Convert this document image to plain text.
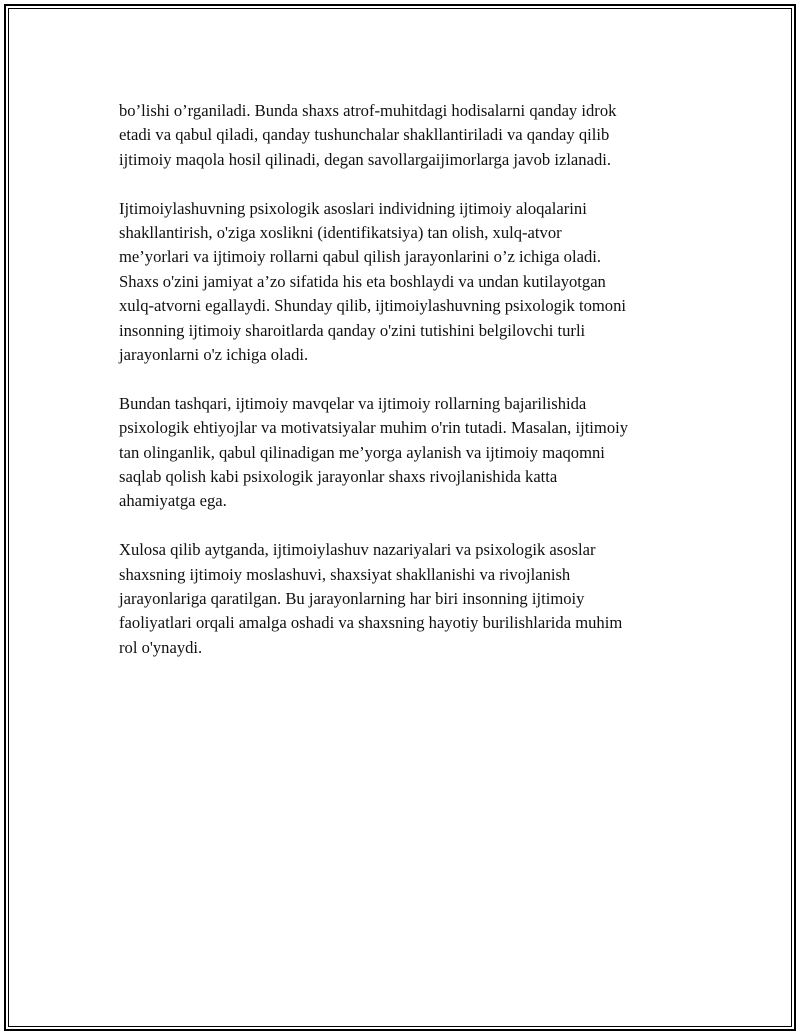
bo’lishi o’rganiladi. Bunda shaxs atrof-muhitdagi hodisalarni qanday idrok
etadi va qabul qiladi, qanday tushunchalar shakllantiriladi va qanday qilib
ijtimoiy maqola hosil qilinadi, degan savollargaijimorlarga javob izlanadi.

Ijtimoiylashuvning psixologik asoslari individning ijtimoiy aloqalarini
shakllantirish, o'ziga xoslikni (identifikatsiya) tan olish, xulq-atvor
me’yorlari va ijtimoiy rollarni qabul qilish jarayonlarini o’z ichiga oladi.
Shaxs o'zini jamiyat a’zo sifatida his eta boshlaydi va undan kutilayotgan
xulq-atvorni egallaydi. Shunday qilib, ijtimoiylashuvning psixologik tomoni
insonning ijtimoiy sharoitlarda qanday o'zini tutishini belgilovchi turli
jarayonlarni o'z ichiga oladi.

Bundan tashqari, ijtimoiy mavqelar va ijtimoiy rollarning bajarilishida
psixologik ehtiyojlar va motivatsiyalar muhim o'rin tutadi. Masalan, ijtimoiy
tan olinganlik, qabul qilinadigan me’yorga aylanish va ijtimoiy maqomni
saqlab qolish kabi psixologik jarayonlar shaxs rivojlanishida katta
ahamiyatga ega.

Xulosa qilib aytganda, ijtimoiylashuv nazariyalari va psixologik asoslar
shaxsning ijtimoiy moslashuvi, shaxsiyat shakllanishi va rivojlanish
jarayonlariga qaratilgan. Bu jarayonlarning har biri insonning ijtimoiy
faoliyatlari orqali amalga oshadi va shaxsning hayotiy burilishlarida muhim
rol o'ynaydi.
